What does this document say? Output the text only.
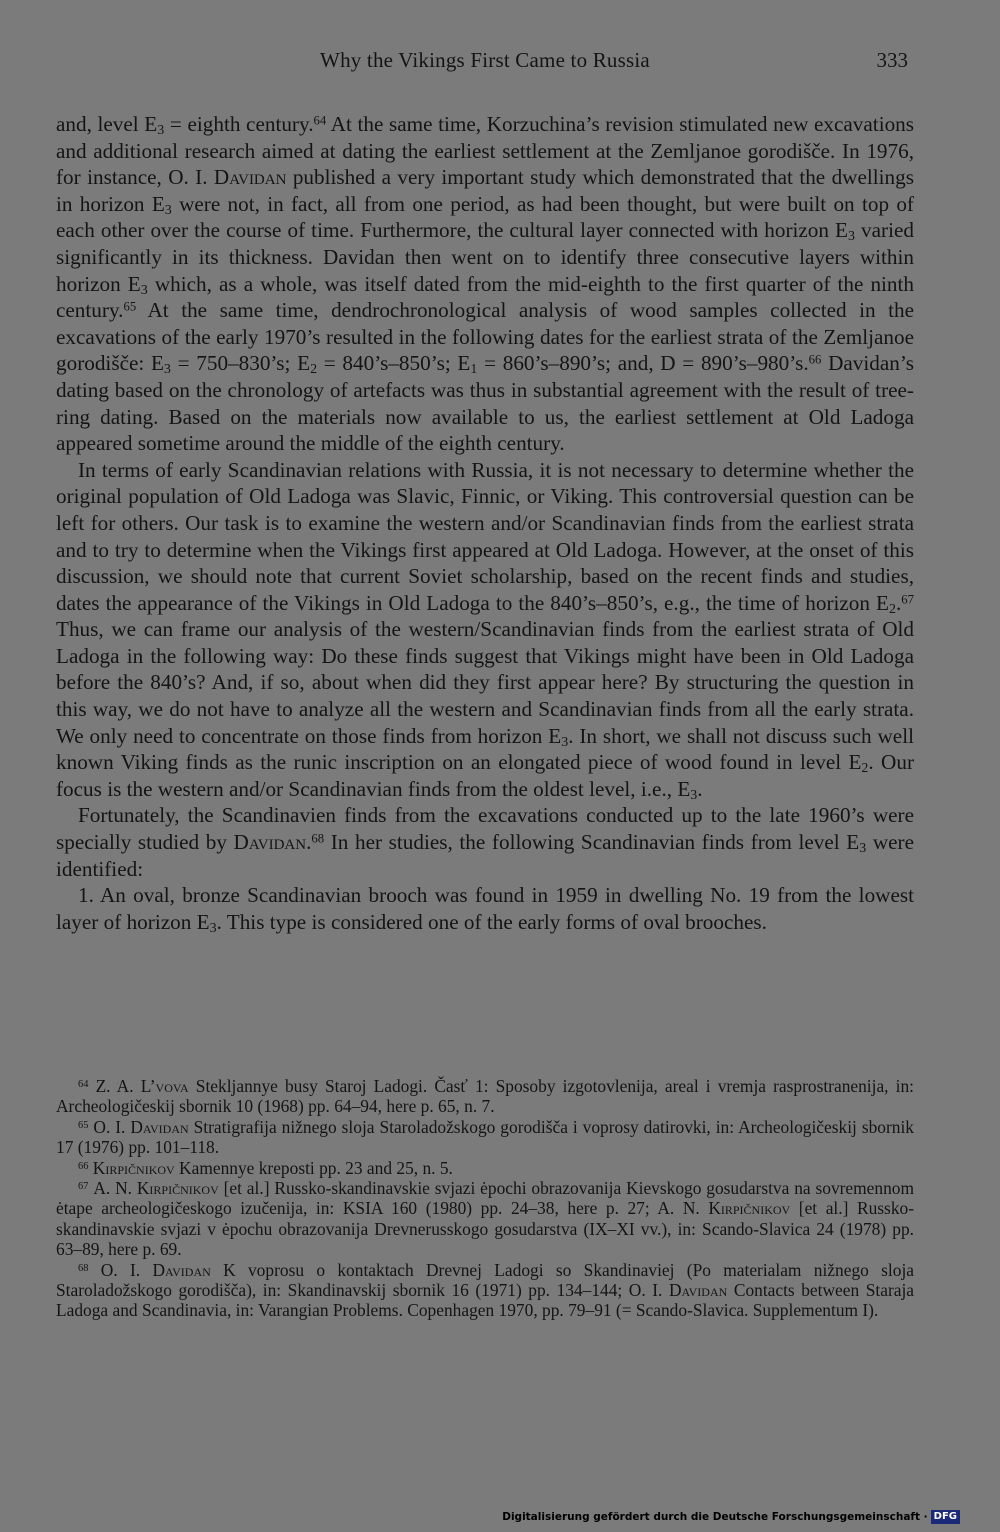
Why the Vikings First Came to Russia	333

and, level $E_3$ = eighth century.$^{64}$ At the same time, Korzuchina’s revision stimulated new excavations and additional research aimed at dating the earliest settlement at the Zemljanoe gorodišče. In 1976, for instance, O. I. Davidan published a very important study which demonstrated that the dwellings in horizon $E_3$ were not, in fact, all from one period, as had been thought, but were built on top of each other over the course of time. Furthermore, the cultural layer connected with horizon $E_3$ varied significantly in its thickness. Davidan then went on to identify three consecutive layers within horizon $E_3$ which, as a whole, was itself dated from the mid-eighth to the first quarter of the ninth century.$^{65}$ At the same time, dendrochronological analysis of wood samples collected in the excavations of the early 1970’s resulted in the following dates for the earliest strata of the Zemljanoe gorodišče: $E_3$ = 750–830’s; $E_2$ = 840’s–850’s; $E_1$ = 860’s–890’s; and, D = 890’s–980’s.$^{66}$ Davidan’s dating based on the chronology of artefacts was thus in substantial agreement with the result of tree-ring dating. Based on the materials now available to us, the earliest settlement at Old Ladoga appeared sometime around the middle of the eighth century.

In terms of early Scandinavian relations with Russia, it is not necessary to determine whether the original population of Old Ladoga was Slavic, Finnic, or Viking. This controversial question can be left for others. Our task is to examine the western and/or Scandinavian finds from the earliest strata and to try to determine when the Vikings first appeared at Old Ladoga. However, at the onset of this discussion, we should note that current Soviet scholarship, based on the recent finds and studies, dates the appearance of the Vikings in Old Ladoga to the 840’s–850’s, e.g., the time of horizon $E_2.^{67}$ Thus, we can frame our analysis of the western/Scandinavian finds from the earliest strata of Old Ladoga in the following way: Do these finds suggest that Vikings might have been in Old Ladoga before the 840’s? And, if so, about when did they first appear here? By structuring the question in this way, we do not have to analyze all the western and Scandinavian finds from all the early strata. We only need to concentrate on those finds from horizon $E_3$. In short, we shall not discuss such well known Viking finds as the runic inscription on an elongated piece of wood found in level $E_2$. Our focus is the western and/or Scandinavian finds from the oldest level, i.e., $E_3$.

Fortunately, the Scandinavien finds from the excavations conducted up to the late 1960’s were specially studied by Davidan.$^{68}$ In her studies, the following Scandinavian finds from level $E_3$ were identified:

1. An oval, bronze Scandinavian brooch was found in 1959 in dwelling No. 19 from the lowest layer of horizon $E_3$. This type is considered one of the early forms of oval brooches.

$^{64}$ Z. A. L’vova Stekljannye busy Staroj Ladogi. Časť 1: Sposoby izgotovlenija, areal i vremja rasprostranenija, in: Archeologičeskij sbornik 10 (1968) pp. 64–94, here p. 65, n. 7.

$^{65}$ O. I. Davidan Stratigrafija nižnego sloja Staroladožskogo gorodišča i voprosy datirovki, in: Archeologičeskij sbornik 17 (1976) pp. 101–118.

$^{66}$ Kirpičnikov Kamennye kreposti pp. 23 and 25, n. 5.

$^{67}$ A. N. Kirpičnikov [et al.] Russko-skandinavskie svjazi ėpochi obrazovanija Kievskogo gosudarstva na sovremennom ėtape archeologičeskogo izučenija, in: KSIA 160 (1980) pp. 24–38, here p. 27; A. N. Kirpičnikov [et al.] Russko-skandinavskie svjazi v ėpochu obrazovanija Drevnerusskogo gosudarstva (IX–XI vv.), in: Scando-Slavica 24 (1978) pp. 63–89, here p. 69.

$^{68}$ O. I. Davidan K voprosu o kontaktach Drevnej Ladogi so Skandinaviej (Po materialam nižnego sloja Staroladožskogo gorodišča), in: Skandinavskij sbornik 16 (1971) pp. 134–144; O. I. Davidan Contacts between Staraja Ladoga and Scandinavia, in: Varangian Problems. Copenhagen 1970, pp. 79–91 (= Scando-Slavica. Supplementum I).

Digitalisierung gefördert durch die Deutsche Forschungsgemeinschaft · DFG
